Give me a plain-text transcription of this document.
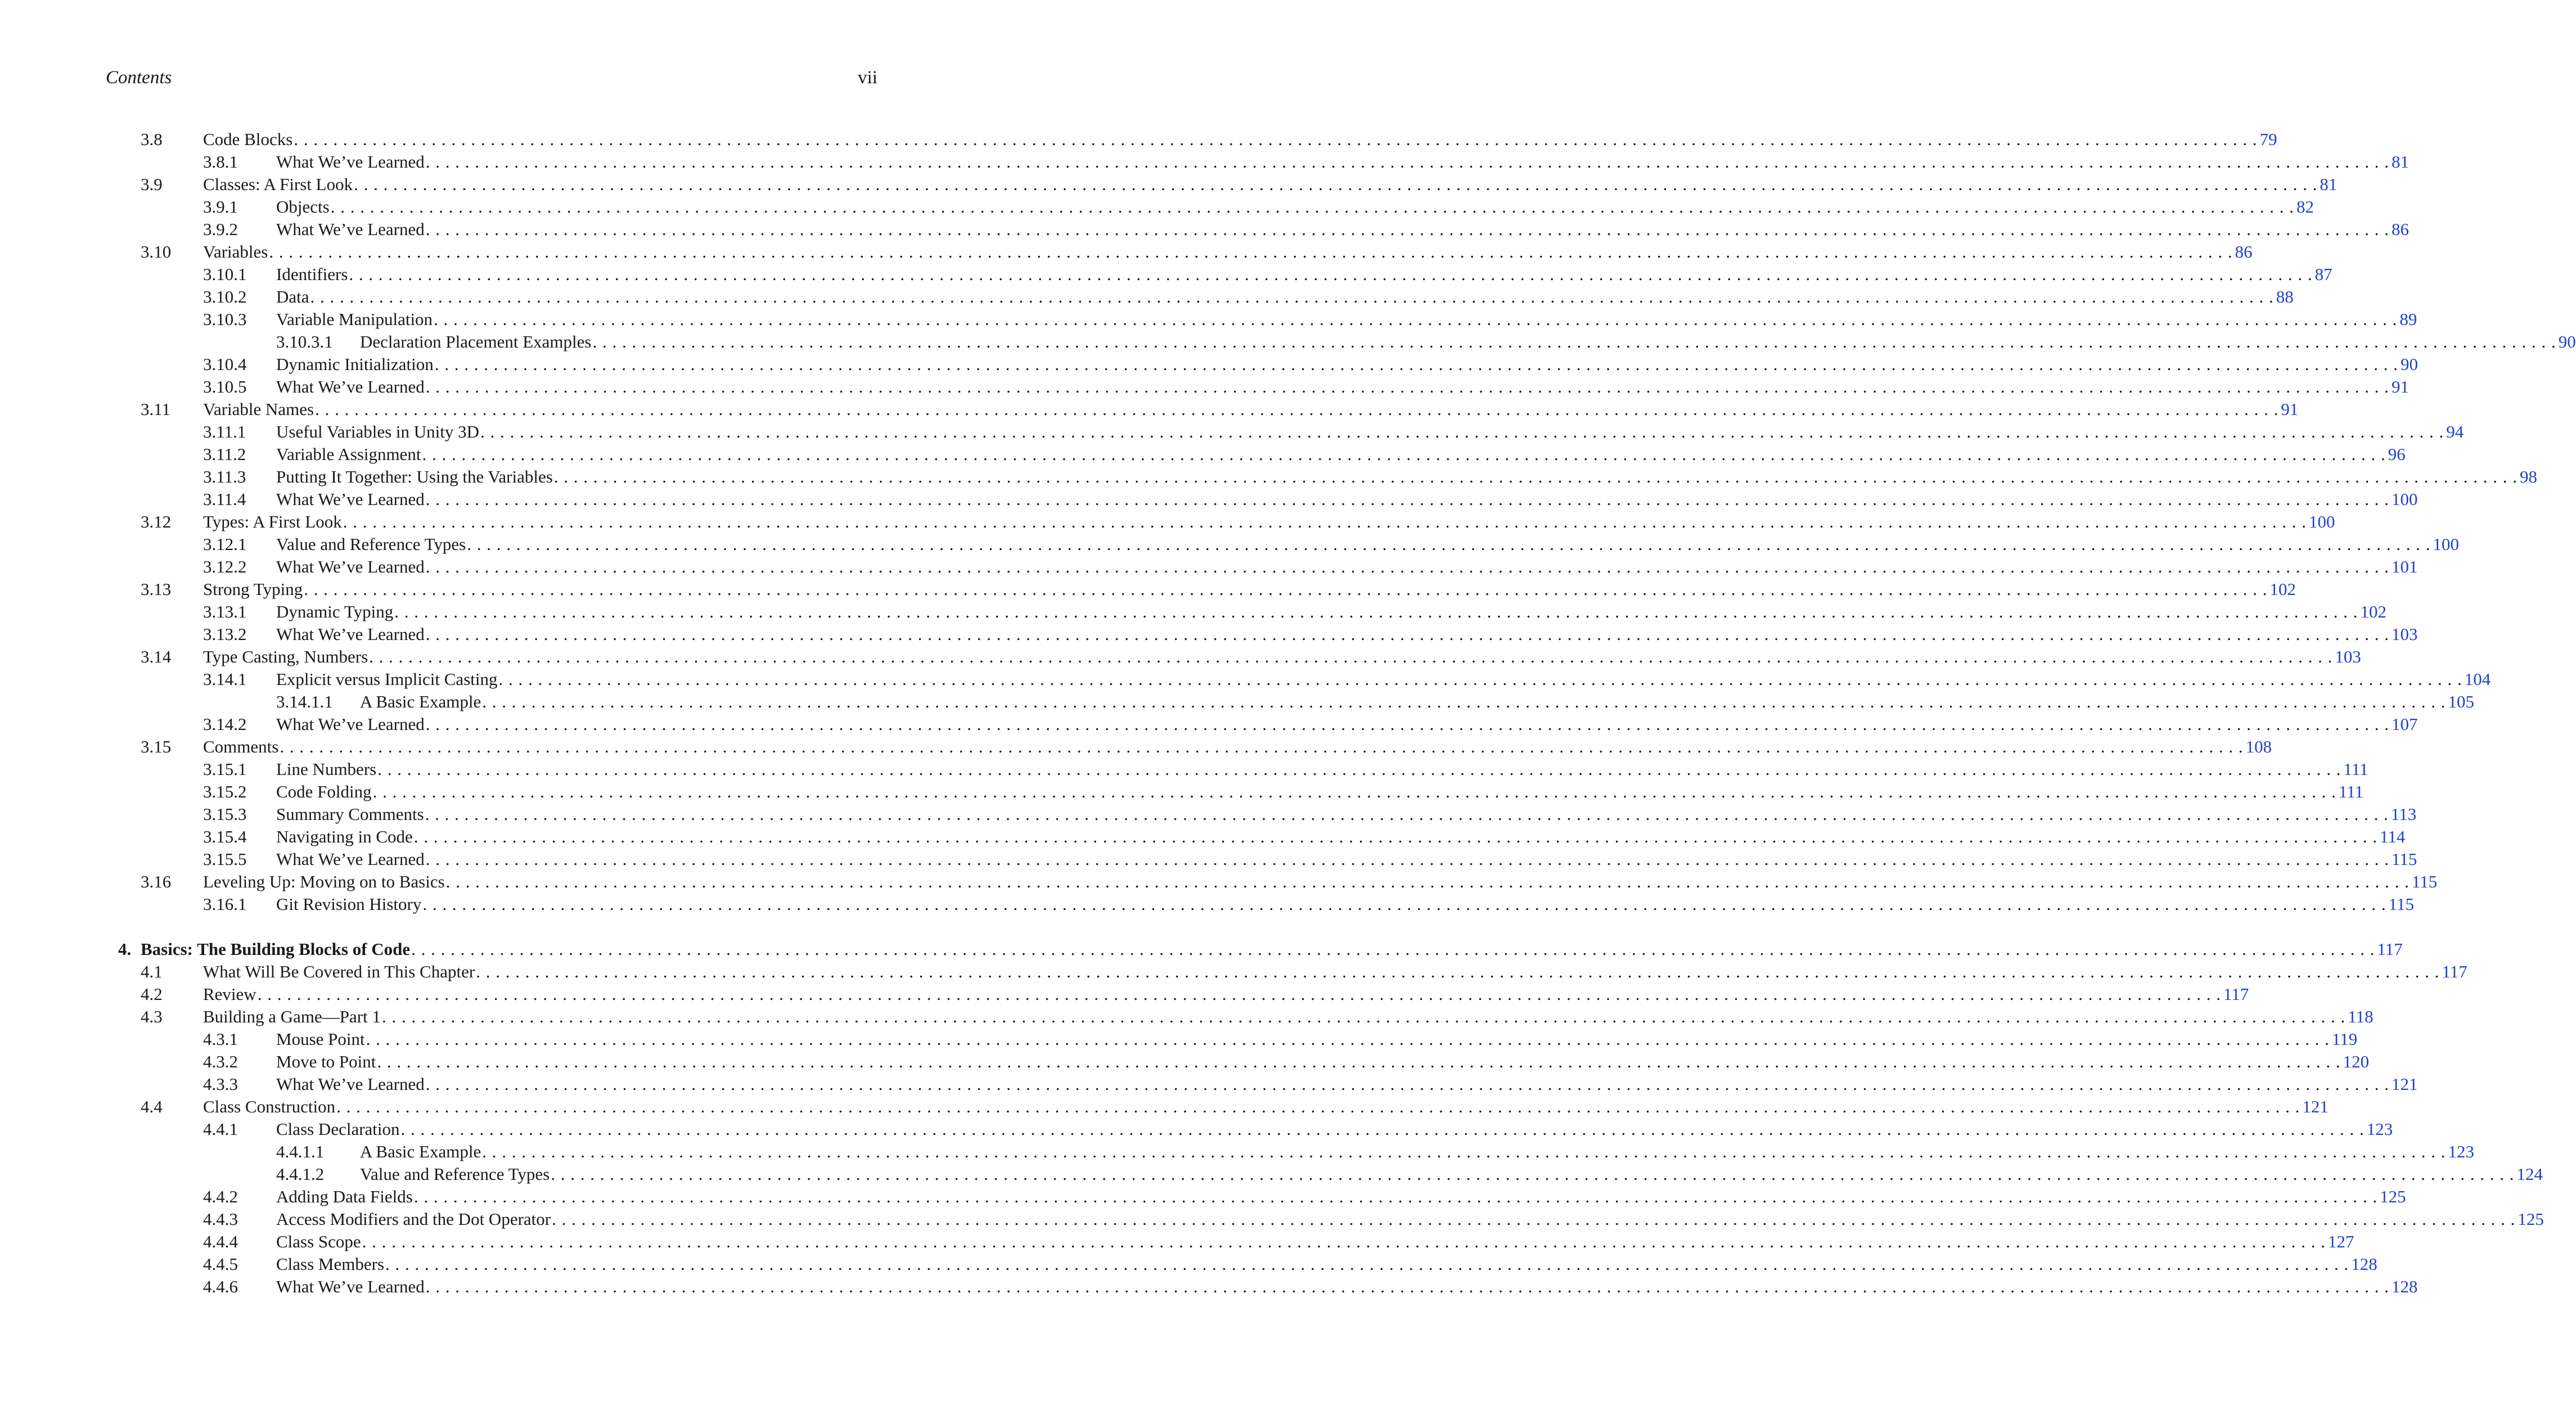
Contents	vii
3.8 Code Blocks . . . . . . . . . . . . . . . . . . . . . . . . . . . . . . . . . . . . . . . . . . . . . . . . . . . . . . . . . . . . . . . . . . . . . . . . . . . . . . . . . . . . . . . . . . . . . . . . . . . . . . . . . . . . . . . . . . . . . . . . . . . . . . . . . . . . . . . . . . . . . . . . . . . . . . . . . . . . . . . . . . . . . . . . . . . . . . . . . . . . . . . . . . . . . . . . . . . . . . . . 79
3.8.1 What We’ve Learned . . . . . . . . . . . . . . . . . . . . . . . . . . . . . . . . . . . . . . . . . . . . . . . . . . . . . . . . . . . . . . . . . . . . . . . . . . . . . . . . . . . . . . . . . . . . . . . . . . . . . . . . . . . . . . . . . . . . . . . . . . . . . . . . . . . . . . . . . . . . . . . . . . . . . . . . . . . . . . . . . . . . . . . . . . . . . . . . . . . . . . . . . . . . . . . . . . . . . . . . 81
3.9 Classes: A First Look . . . . . . . . . . . . . . . . . . . . . . . . . . . . . . . . . . . . . . . . . . . . . . . . . . . . . . . . . . . . . . . . . . . . . . . . . . . . . . . . . . . . . . . . . . . . . . . . . . . . . . . . . . . . . . . . . . . . . . . . . . . . . . . . . . . . . . . . . . . . . . . . . . . . . . . . . . . . . . . . . . . . . . . . . . . . . . . . . . . . . . . . . . . . . . . . . . . . . . . . 81
3.9.1 Objects . . . . . . . . . . . . . . . . . . . . . . . . . . . . . . . . . . . . . . . . . . . . . . . . . . . . . . . . . . . . . . . . . . . . . . . . . . . . . . . . . . . . . . . . . . . . . . . . . . . . . . . . . . . . . . . . . . . . . . . . . . . . . . . . . . . . . . . . . . . . . . . . . . . . . . . . . . . . . . . . . . . . . . . . . . . . . . . . . . . . . . . . . . . . . . . . . . . . . . . . 82
3.9.2 What We’ve Learned . . . . . . . . . . . . . . . . . . . . . . . . . . . . . . . . . . . . . . . . . . . . . . . . . . . . . . . . . . . . . . . . . . . . . . . . . . . . . . . . . . . . . . . . . . . . . . . . . . . . . . . . . . . . . . . . . . . . . . . . . . . . . . . . . . . . . . . . . . . . . . . . . . . . . . . . . . . . . . . . . . . . . . . . . . . . . . . . . . . . . . . . . . . . . . . . . . . . . . . . 86
3.10 Variables . . . . . . . . . . . . . . . . . . . . . . . . . . . . . . . . . . . . . . . . . . . . . . . . . . . . . . . . . . . . . . . . . . . . . . . . . . . . . . . . . . . . . . . . . . . . . . . . . . . . . . . . . . . . . . . . . . . . . . . . . . . . . . . . . . . . . . . . . . . . . . . . . . . . . . . . . . . . . . . . . . . . . . . . . . . . . . . . . . . . . . . . . . . . . . . . . . . . . . . . 86
3.10.1 Identifiers . . . . . . . . . . . . . . . . . . . . . . . . . . . . . . . . . . . . . . . . . . . . . . . . . . . . . . . . . . . . . . . . . . . . . . . . . . . . . . . . . . . . . . . . . . . . . . . . . . . . . . . . . . . . . . . . . . . . . . . . . . . . . . . . . . . . . . . . . . . . . . . . . . . . . . . . . . . . . . . . . . . . . . . . . . . . . . . . . . . . . . . . . . . . . . . . . . . . . . . . 87
3.10.2 Data . . . . . . . . . . . . . . . . . . . . . . . . . . . . . . . . . . . . . . . . . . . . . . . . . . . . . . . . . . . . . . . . . . . . . . . . . . . . . . . . . . . . . . . . . . . . . . . . . . . . . . . . . . . . . . . . . . . . . . . . . . . . . . . . . . . . . . . . . . . . . . . . . . . . . . . . . . . . . . . . . . . . . . . . . . . . . . . . . . . . . . . . . . . . . . . . . . . . . . . . 88
3.10.3 Variable Manipulation . . . . . . . . . . . . . . . . . . . . . . . . . . . . . . . . . . . . . . . . . . . . . . . . . . . . . . . . . . . . . . . . . . . . . . . . . . . . . . . . . . . . . . . . . . . . . . . . . . . . . . . . . . . . . . . . . . . . . . . . . . . . . . . . . . . . . . . . . . . . . . . . . . . . . . . . . . . . . . . . . . . . . . . . . . . . . . . . . . . . . . . . . . . . . . . . . . . . . . . . 89
3.10.3.1 Declaration Placement Examples . . . . . . . . . . . . . . . . . . . . . . . . . . . . . . . . . . . . . . . . . . . . . . . . . . . . . . . . . . . . . . . . . . . . . . . . . . . . . . . . . . . . . . . . . . . . . . . . . . . . . . . . . . . . . . . . . . . . . . . . . . . . . . . . . . . . . . . . . . . . . . . . . . . . . . . . . . . . . . . . . . . . . . . . . . . . . . . . . . . . . . . . . . . . . . . . . . . . . . . . 90
3.10.4 Dynamic Initialization . . . . . . . . . . . . . . . . . . . . . . . . . . . . . . . . . . . . . . . . . . . . . . . . . . . . . . . . . . . . . . . . . . . . . . . . . . . . . . . . . . . . . . . . . . . . . . . . . . . . . . . . . . . . . . . . . . . . . . . . . . . . . . . . . . . . . . . . . . . . . . . . . . . . . . . . . . . . . . . . . . . . . . . . . . . . . . . . . . . . . . . . . . . . . . . . . . . . . . . . 90
3.10.5 What We’ve Learned . . . . . . . . . . . . . . . . . . . . . . . . . . . . . . . . . . . . . . . . . . . . . . . . . . . . . . . . . . . . . . . . . . . . . . . . . . . . . . . . . . . . . . . . . . . . . . . . . . . . . . . . . . . . . . . . . . . . . . . . . . . . . . . . . . . . . . . . . . . . . . . . . . . . . . . . . . . . . . . . . . . . . . . . . . . . . . . . . . . . . . . . . . . . . . . . . . . . . . . . 91
3.11 Variable Names . . . . . . . . . . . . . . . . . . . . . . . . . . . . . . . . . . . . . . . . . . . . . . . . . . . . . . . . . . . . . . . . . . . . . . . . . . . . . . . . . . . . . . . . . . . . . . . . . . . . . . . . . . . . . . . . . . . . . . . . . . . . . . . . . . . . . . . . . . . . . . . . . . . . . . . . . . . . . . . . . . . . . . . . . . . . . . . . . . . . . . . . . . . . . . . . . . . . . . . . 91
3.11.1 Useful Variables in Unity 3D . . . . . . . . . . . . . . . . . . . . . . . . . . . . . . . . . . . . . . . . . . . . . . . . . . . . . . . . . . . . . . . . . . . . . . . . . . . . . . . . . . . . . . . . . . . . . . . . . . . . . . . . . . . . . . . . . . . . . . . . . . . . . . . . . . . . . . . . . . . . . . . . . . . . . . . . . . . . . . . . . . . . . . . . . . . . . . . . . . . . . . . . . . . . . . . . . . . . . . . . 94
3.11.2 Variable Assignment . . . . . . . . . . . . . . . . . . . . . . . . . . . . . . . . . . . . . . . . . . . . . . . . . . . . . . . . . . . . . . . . . . . . . . . . . . . . . . . . . . . . . . . . . . . . . . . . . . . . . . . . . . . . . . . . . . . . . . . . . . . . . . . . . . . . . . . . . . . . . . . . . . . . . . . . . . . . . . . . . . . . . . . . . . . . . . . . . . . . . . . . . . . . . . . . . . . . . . . . 96
3.11.3 Putting It Together: Using the Variables . . . . . . . . . . . . . . . . . . . . . . . . . . . . . . . . . . . . . . . . . . . . . . . . . . . . . . . . . . . . . . . . . . . . . . . . . . . . . . . . . . . . . . . . . . . . . . . . . . . . . . . . . . . . . . . . . . . . . . . . . . . . . . . . . . . . . . . . . . . . . . . . . . . . . . . . . . . . . . . . . . . . . . . . . . . . . . . . . . . . . . . . . . . . . . . . . . . . . . . . 98
3.11.4 What We’ve Learned . . . . . . . . . . . . . . . . . . . . . . . . . . . . . . . . . . . . . . . . . . . . . . . . . . . . . . . . . . . . . . . . . . . . . . . . . . . . . . . . . . . . . . . . . . . . . . . . . . . . . . . . . . . . . . . . . . . . . . . . . . . . . . . . . . . . . . . . . . . . . . . . . . . . . . . . . . . . . . . . . . . . . . . . . . . . . . . . . . . . . . . . . . . . . . . . . . . . . . . . 100
3.12 Types: A First Look . . . . . . . . . . . . . . . . . . . . . . . . . . . . . . . . . . . . . . . . . . . . . . . . . . . . . . . . . . . . . . . . . . . . . . . . . . . . . . . . . . . . . . . . . . . . . . . . . . . . . . . . . . . . . . . . . . . . . . . . . . . . . . . . . . . . . . . . . . . . . . . . . . . . . . . . . . . . . . . . . . . . . . . . . . . . . . . . . . . . . . . . . . . . . . . . . . . . . . . . 100
3.12.1 Value and Reference Types . . . . . . . . . . . . . . . . . . . . . . . . . . . . . . . . . . . . . . . . . . . . . . . . . . . . . . . . . . . . . . . . . . . . . . . . . . . . . . . . . . . . . . . . . . . . . . . . . . . . . . . . . . . . . . . . . . . . . . . . . . . . . . . . . . . . . . . . . . . . . . . . . . . . . . . . . . . . . . . . . . . . . . . . . . . . . . . . . . . . . . . . . . . . . . . . . . . . . . . . 100
3.12.2 What We’ve Learned . . . . . . . . . . . . . . . . . . . . . . . . . . . . . . . . . . . . . . . . . . . . . . . . . . . . . . . . . . . . . . . . . . . . . . . . . . . . . . . . . . . . . . . . . . . . . . . . . . . . . . . . . . . . . . . . . . . . . . . . . . . . . . . . . . . . . . . . . . . . . . . . . . . . . . . . . . . . . . . . . . . . . . . . . . . . . . . . . . . . . . . . . . . . . . . . . . . . . . . . 101
3.13 Strong Typing . . . . . . . . . . . . . . . . . . . . . . . . . . . . . . . . . . . . . . . . . . . . . . . . . . . . . . . . . . . . . . . . . . . . . . . . . . . . . . . . . . . . . . . . . . . . . . . . . . . . . . . . . . . . . . . . . . . . . . . . . . . . . . . . . . . . . . . . . . . . . . . . . . . . . . . . . . . . . . . . . . . . . . . . . . . . . . . . . . . . . . . . . . . . . . . . . . . . . . . . 102
3.13.1 Dynamic Typing . . . . . . . . . . . . . . . . . . . . . . . . . . . . . . . . . . . . . . . . . . . . . . . . . . . . . . . . . . . . . . . . . . . . . . . . . . . . . . . . . . . . . . . . . . . . . . . . . . . . . . . . . . . . . . . . . . . . . . . . . . . . . . . . . . . . . . . . . . . . . . . . . . . . . . . . . . . . . . . . . . . . . . . . . . . . . . . . . . . . . . . . . . . . . . . . . . . . . . . . 102
3.13.2 What We’ve Learned . . . . . . . . . . . . . . . . . . . . . . . . . . . . . . . . . . . . . . . . . . . . . . . . . . . . . . . . . . . . . . . . . . . . . . . . . . . . . . . . . . . . . . . . . . . . . . . . . . . . . . . . . . . . . . . . . . . . . . . . . . . . . . . . . . . . . . . . . . . . . . . . . . . . . . . . . . . . . . . . . . . . . . . . . . . . . . . . . . . . . . . . . . . . . . . . . . . . . . . . 103
3.14 Type Casting, Numbers . . . . . . . . . . . . . . . . . . . . . . . . . . . . . . . . . . . . . . . . . . . . . . . . . . . . . . . . . . . . . . . . . . . . . . . . . . . . . . . . . . . . . . . . . . . . . . . . . . . . . . . . . . . . . . . . . . . . . . . . . . . . . . . . . . . . . . . . . . . . . . . . . . . . . . . . . . . . . . . . . . . . . . . . . . . . . . . . . . . . . . . . . . . . . . . . . . . . . . . . 103
3.14.1 Explicit versus Implicit Casting . . . . . . . . . . . . . . . . . . . . . . . . . . . . . . . . . . . . . . . . . . . . . . . . . . . . . . . . . . . . . . . . . . . . . . . . . . . . . . . . . . . . . . . . . . . . . . . . . . . . . . . . . . . . . . . . . . . . . . . . . . . . . . . . . . . . . . . . . . . . . . . . . . . . . . . . . . . . . . . . . . . . . . . . . . . . . . . . . . . . . . . . . . . . . . . . . . . . . . . . 104
3.14.1.1 A Basic Example . . . . . . . . . . . . . . . . . . . . . . . . . . . . . . . . . . . . . . . . . . . . . . . . . . . . . . . . . . . . . . . . . . . . . . . . . . . . . . . . . . . . . . . . . . . . . . . . . . . . . . . . . . . . . . . . . . . . . . . . . . . . . . . . . . . . . . . . . . . . . . . . . . . . . . . . . . . . . . . . . . . . . . . . . . . . . . . . . . . . . . . . . . . . . . . . . . . . . . . . 105
3.14.2 What We’ve Learned . . . . . . . . . . . . . . . . . . . . . . . . . . . . . . . . . . . . . . . . . . . . . . . . . . . . . . . . . . . . . . . . . . . . . . . . . . . . . . . . . . . . . . . . . . . . . . . . . . . . . . . . . . . . . . . . . . . . . . . . . . . . . . . . . . . . . . . . . . . . . . . . . . . . . . . . . . . . . . . . . . . . . . . . . . . . . . . . . . . . . . . . . . . . . . . . . . . . . . . . 107
3.15 Comments . . . . . . . . . . . . . . . . . . . . . . . . . . . . . . . . . . . . . . . . . . . . . . . . . . . . . . . . . . . . . . . . . . . . . . . . . . . . . . . . . . . . . . . . . . . . . . . . . . . . . . . . . . . . . . . . . . . . . . . . . . . . . . . . . . . . . . . . . . . . . . . . . . . . . . . . . . . . . . . . . . . . . . . . . . . . . . . . . . . . . . . . . . . . . . . . . . . . . . . . 108
3.15.1 Line Numbers . . . . . . . . . . . . . . . . . . . . . . . . . . . . . . . . . . . . . . . . . . . . . . . . . . . . . . . . . . . . . . . . . . . . . . . . . . . . . . . . . . . . . . . . . . . . . . . . . . . . . . . . . . . . . . . . . . . . . . . . . . . . . . . . . . . . . . . . . . . . . . . . . . . . . . . . . . . . . . . . . . . . . . . . . . . . . . . . . . . . . . . . . . . . . . . . . . . . . . . . 111
3.15.2 Code Folding . . . . . . . . . . . . . . . . . . . . . . . . . . . . . . . . . . . . . . . . . . . . . . . . . . . . . . . . . . . . . . . . . . . . . . . . . . . . . . . . . . . . . . . . . . . . . . . . . . . . . . . . . . . . . . . . . . . . . . . . . . . . . . . . . . . . . . . . . . . . . . . . . . . . . . . . . . . . . . . . . . . . . . . . . . . . . . . . . . . . . . . . . . . . . . . . . . . . . . . . 111
3.15.3 Summary Comments . . . . . . . . . . . . . . . . . . . . . . . . . . . . . . . . . . . . . . . . . . . . . . . . . . . . . . . . . . . . . . . . . . . . . . . . . . . . . . . . . . . . . . . . . . . . . . . . . . . . . . . . . . . . . . . . . . . . . . . . . . . . . . . . . . . . . . . . . . . . . . . . . . . . . . . . . . . . . . . . . . . . . . . . . . . . . . . . . . . . . . . . . . . . . . . . . . . . . . . . 113
3.15.4 Navigating in Code . . . . . . . . . . . . . . . . . . . . . . . . . . . . . . . . . . . . . . . . . . . . . . . . . . . . . . . . . . . . . . . . . . . . . . . . . . . . . . . . . . . . . . . . . . . . . . . . . . . . . . . . . . . . . . . . . . . . . . . . . . . . . . . . . . . . . . . . . . . . . . . . . . . . . . . . . . . . . . . . . . . . . . . . . . . . . . . . . . . . . . . . . . . . . . . . . . . . . . . . 114
3.15.5 What We’ve Learned . . . . . . . . . . . . . . . . . . . . . . . . . . . . . . . . . . . . . . . . . . . . . . . . . . . . . . . . . . . . . . . . . . . . . . . . . . . . . . . . . . . . . . . . . . . . . . . . . . . . . . . . . . . . . . . . . . . . . . . . . . . . . . . . . . . . . . . . . . . . . . . . . . . . . . . . . . . . . . . . . . . . . . . . . . . . . . . . . . . . . . . . . . . . . . . . . . . . . . . . 115
3.16 Leveling Up: Moving on to Basics . . . . . . . . . . . . . . . . . . . . . . . . . . . . . . . . . . . . . . . . . . . . . . . . . . . . . . . . . . . . . . . . . . . . . . . . . . . . . . . . . . . . . . . . . . . . . . . . . . . . . . . . . . . . . . . . . . . . . . . . . . . . . . . . . . . . . . . . . . . . . . . . . . . . . . . . . . . . . . . . . . . . . . . . . . . . . . . . . . . . . . . . . . . . . . . . . . . . . . . . 115
3.16.1 Git Revision History . . . . . . . . . . . . . . . . . . . . . . . . . . . . . . . . . . . . . . . . . . . . . . . . . . . . . . . . . . . . . . . . . . . . . . . . . . . . . . . . . . . . . . . . . . . . . . . . . . . . . . . . . . . . . . . . . . . . . . . . . . . . . . . . . . . . . . . . . . . . . . . . . . . . . . . . . . . . . . . . . . . . . . . . . . . . . . . . . . . . . . . . . . . . . . . . . . . . . . . . 115
4. Basics: The Building Blocks of Code . . . . . . . . . . . . . . . . . . . . . . . . . . . . . . . . . . . . . . . . . . . . . . . . . . . . . . . . . . . . . . . . . . . . . . . . . . . . . . . . . . . . . . . . . . . . . . . . . . . . . . . . . . . . . . . . . . . . . . . . . . . . . . . . . . . . . . . . . . . . . . . . . . . . . . . . . . . . . . . . . . . . . . . . . . . . . . . . . . . . . . . . . . . . . . . . . . . . . . . . 117
4.1 What Will Be Covered in This Chapter . . . . . . . . . . . . . . . . . . . . . . . . . . . . . . . . . . . . . . . . . . . . . . . . . . . . . . . . . . . . . . . . . . . . . . . . . . . . . . . . . . . . . . . . . . . . . . . . . . . . . . . . . . . . . . . . . . . . . . . . . . . . . . . . . . . . . . . . . . . . . . . . . . . . . . . . . . . . . . . . . . . . . . . . . . . . . . . . . . . . . . . . . . . . . . . . . . . . . . . . 117
4.2 Review . . . . . . . . . . . . . . . . . . . . . . . . . . . . . . . . . . . . . . . . . . . . . . . . . . . . . . . . . . . . . . . . . . . . . . . . . . . . . . . . . . . . . . . . . . . . . . . . . . . . . . . . . . . . . . . . . . . . . . . . . . . . . . . . . . . . . . . . . . . . . . . . . . . . . . . . . . . . . . . . . . . . . . . . . . . . . . . . . . . . . . . . . . . . . . . . . . . . . . . . 117
4.3 Building a Game—Part 1 . . . . . . . . . . . . . . . . . . . . . . . . . . . . . . . . . . . . . . . . . . . . . . . . . . . . . . . . . . . . . . . . . . . . . . . . . . . . . . . . . . . . . . . . . . . . . . . . . . . . . . . . . . . . . . . . . . . . . . . . . . . . . . . . . . . . . . . . . . . . . . . . . . . . . . . . . . . . . . . . . . . . . . . . . . . . . . . . . . . . . . . . . . . . . . . . . . . . . . . . 118
4.3.1 Mouse Point . . . . . . . . . . . . . . . . . . . . . . . . . . . . . . . . . . . . . . . . . . . . . . . . . . . . . . . . . . . . . . . . . . . . . . . . . . . . . . . . . . . . . . . . . . . . . . . . . . . . . . . . . . . . . . . . . . . . . . . . . . . . . . . . . . . . . . . . . . . . . . . . . . . . . . . . . . . . . . . . . . . . . . . . . . . . . . . . . . . . . . . . . . . . . . . . . . . . . . . . 119
4.3.2 Move to Point . . . . . . . . . . . . . . . . . . . . . . . . . . . . . . . . . . . . . . . . . . . . . . . . . . . . . . . . . . . . . . . . . . . . . . . . . . . . . . . . . . . . . . . . . . . . . . . . . . . . . . . . . . . . . . . . . . . . . . . . . . . . . . . . . . . . . . . . . . . . . . . . . . . . . . . . . . . . . . . . . . . . . . . . . . . . . . . . . . . . . . . . . . . . . . . . . . . . . . . . 120
4.3.3 What We’ve Learned . . . . . . . . . . . . . . . . . . . . . . . . . . . . . . . . . . . . . . . . . . . . . . . . . . . . . . . . . . . . . . . . . . . . . . . . . . . . . . . . . . . . . . . . . . . . . . . . . . . . . . . . . . . . . . . . . . . . . . . . . . . . . . . . . . . . . . . . . . . . . . . . . . . . . . . . . . . . . . . . . . . . . . . . . . . . . . . . . . . . . . . . . . . . . . . . . . . . . . . . 121
4.4 Class Construction . . . . . . . . . . . . . . . . . . . . . . . . . . . . . . . . . . . . . . . . . . . . . . . . . . . . . . . . . . . . . . . . . . . . . . . . . . . . . . . . . . . . . . . . . . . . . . . . . . . . . . . . . . . . . . . . . . . . . . . . . . . . . . . . . . . . . . . . . . . . . . . . . . . . . . . . . . . . . . . . . . . . . . . . . . . . . . . . . . . . . . . . . . . . . . . . . . . . . . . . 121
4.4.1 Class Declaration . . . . . . . . . . . . . . . . . . . . . . . . . . . . . . . . . . . . . . . . . . . . . . . . . . . . . . . . . . . . . . . . . . . . . . . . . . . . . . . . . . . . . . . . . . . . . . . . . . . . . . . . . . . . . . . . . . . . . . . . . . . . . . . . . . . . . . . . . . . . . . . . . . . . . . . . . . . . . . . . . . . . . . . . . . . . . . . . . . . . . . . . . . . . . . . . . . . . . . . . 123
4.4.1.1 A Basic Example . . . . . . . . . . . . . . . . . . . . . . . . . . . . . . . . . . . . . . . . . . . . . . . . . . . . . . . . . . . . . . . . . . . . . . . . . . . . . . . . . . . . . . . . . . . . . . . . . . . . . . . . . . . . . . . . . . . . . . . . . . . . . . . . . . . . . . . . . . . . . . . . . . . . . . . . . . . . . . . . . . . . . . . . . . . . . . . . . . . . . . . . . . . . . . . . . . . . . . . . 123
4.4.1.2 Value and Reference Types . . . . . . . . . . . . . . . . . . . . . . . . . . . . . . . . . . . . . . . . . . . . . . . . . . . . . . . . . . . . . . . . . . . . . . . . . . . . . . . . . . . . . . . . . . . . . . . . . . . . . . . . . . . . . . . . . . . . . . . . . . . . . . . . . . . . . . . . . . . . . . . . . . . . . . . . . . . . . . . . . . . . . . . . . . . . . . . . . . . . . . . . . . . . . . . . . . . . . . . . 124
4.4.2 Adding Data Fields . . . . . . . . . . . . . . . . . . . . . . . . . . . . . . . . . . . . . . . . . . . . . . . . . . . . . . . . . . . . . . . . . . . . . . . . . . . . . . . . . . . . . . . . . . . . . . . . . . . . . . . . . . . . . . . . . . . . . . . . . . . . . . . . . . . . . . . . . . . . . . . . . . . . . . . . . . . . . . . . . . . . . . . . . . . . . . . . . . . . . . . . . . . . . . . . . . . . . . . . 125
4.4.3 Access Modifiers and the Dot Operator . . . . . . . . . . . . . . . . . . . . . . . . . . . . . . . . . . . . . . . . . . . . . . . . . . . . . . . . . . . . . . . . . . . . . . . . . . . . . . . . . . . . . . . . . . . . . . . . . . . . . . . . . . . . . . . . . . . . . . . . . . . . . . . . . . . . . . . . . . . . . . . . . . . . . . . . . . . . . . . . . . . . . . . . . . . . . . . . . . . . . . . . . . . . . . . . . . . . . . . . 125
4.4.4 Class Scope . . . . . . . . . . . . . . . . . . . . . . . . . . . . . . . . . . . . . . . . . . . . . . . . . . . . . . . . . . . . . . . . . . . . . . . . . . . . . . . . . . . . . . . . . . . . . . . . . . . . . . . . . . . . . . . . . . . . . . . . . . . . . . . . . . . . . . . . . . . . . . . . . . . . . . . . . . . . . . . . . . . . . . . . . . . . . . . . . . . . . . . . . . . . . . . . . . . . . . . . 127
4.4.5 Class Members . . . . . . . . . . . . . . . . . . . . . . . . . . . . . . . . . . . . . . . . . . . . . . . . . . . . . . . . . . . . . . . . . . . . . . . . . . . . . . . . . . . . . . . . . . . . . . . . . . . . . . . . . . . . . . . . . . . . . . . . . . . . . . . . . . . . . . . . . . . . . . . . . . . . . . . . . . . . . . . . . . . . . . . . . . . . . . . . . . . . . . . . . . . . . . . . . . . . . . . . 128
4.4.6 What We’ve Learned . . . . . . . . . . . . . . . . . . . . . . . . . . . . . . . . . . . . . . . . . . . . . . . . . . . . . . . . . . . . . . . . . . . . . . . . . . . . . . . . . . . . . . . . . . . . . . . . . . . . . . . . . . . . . . . . . . . . . . . . . . . . . . . . . . . . . . . . . . . . . . . . . . . . . . . . . . . . . . . . . . . . . . . . . . . . . . . . . . . . . . . . . . . . . . . . . . . . . . . . 128
